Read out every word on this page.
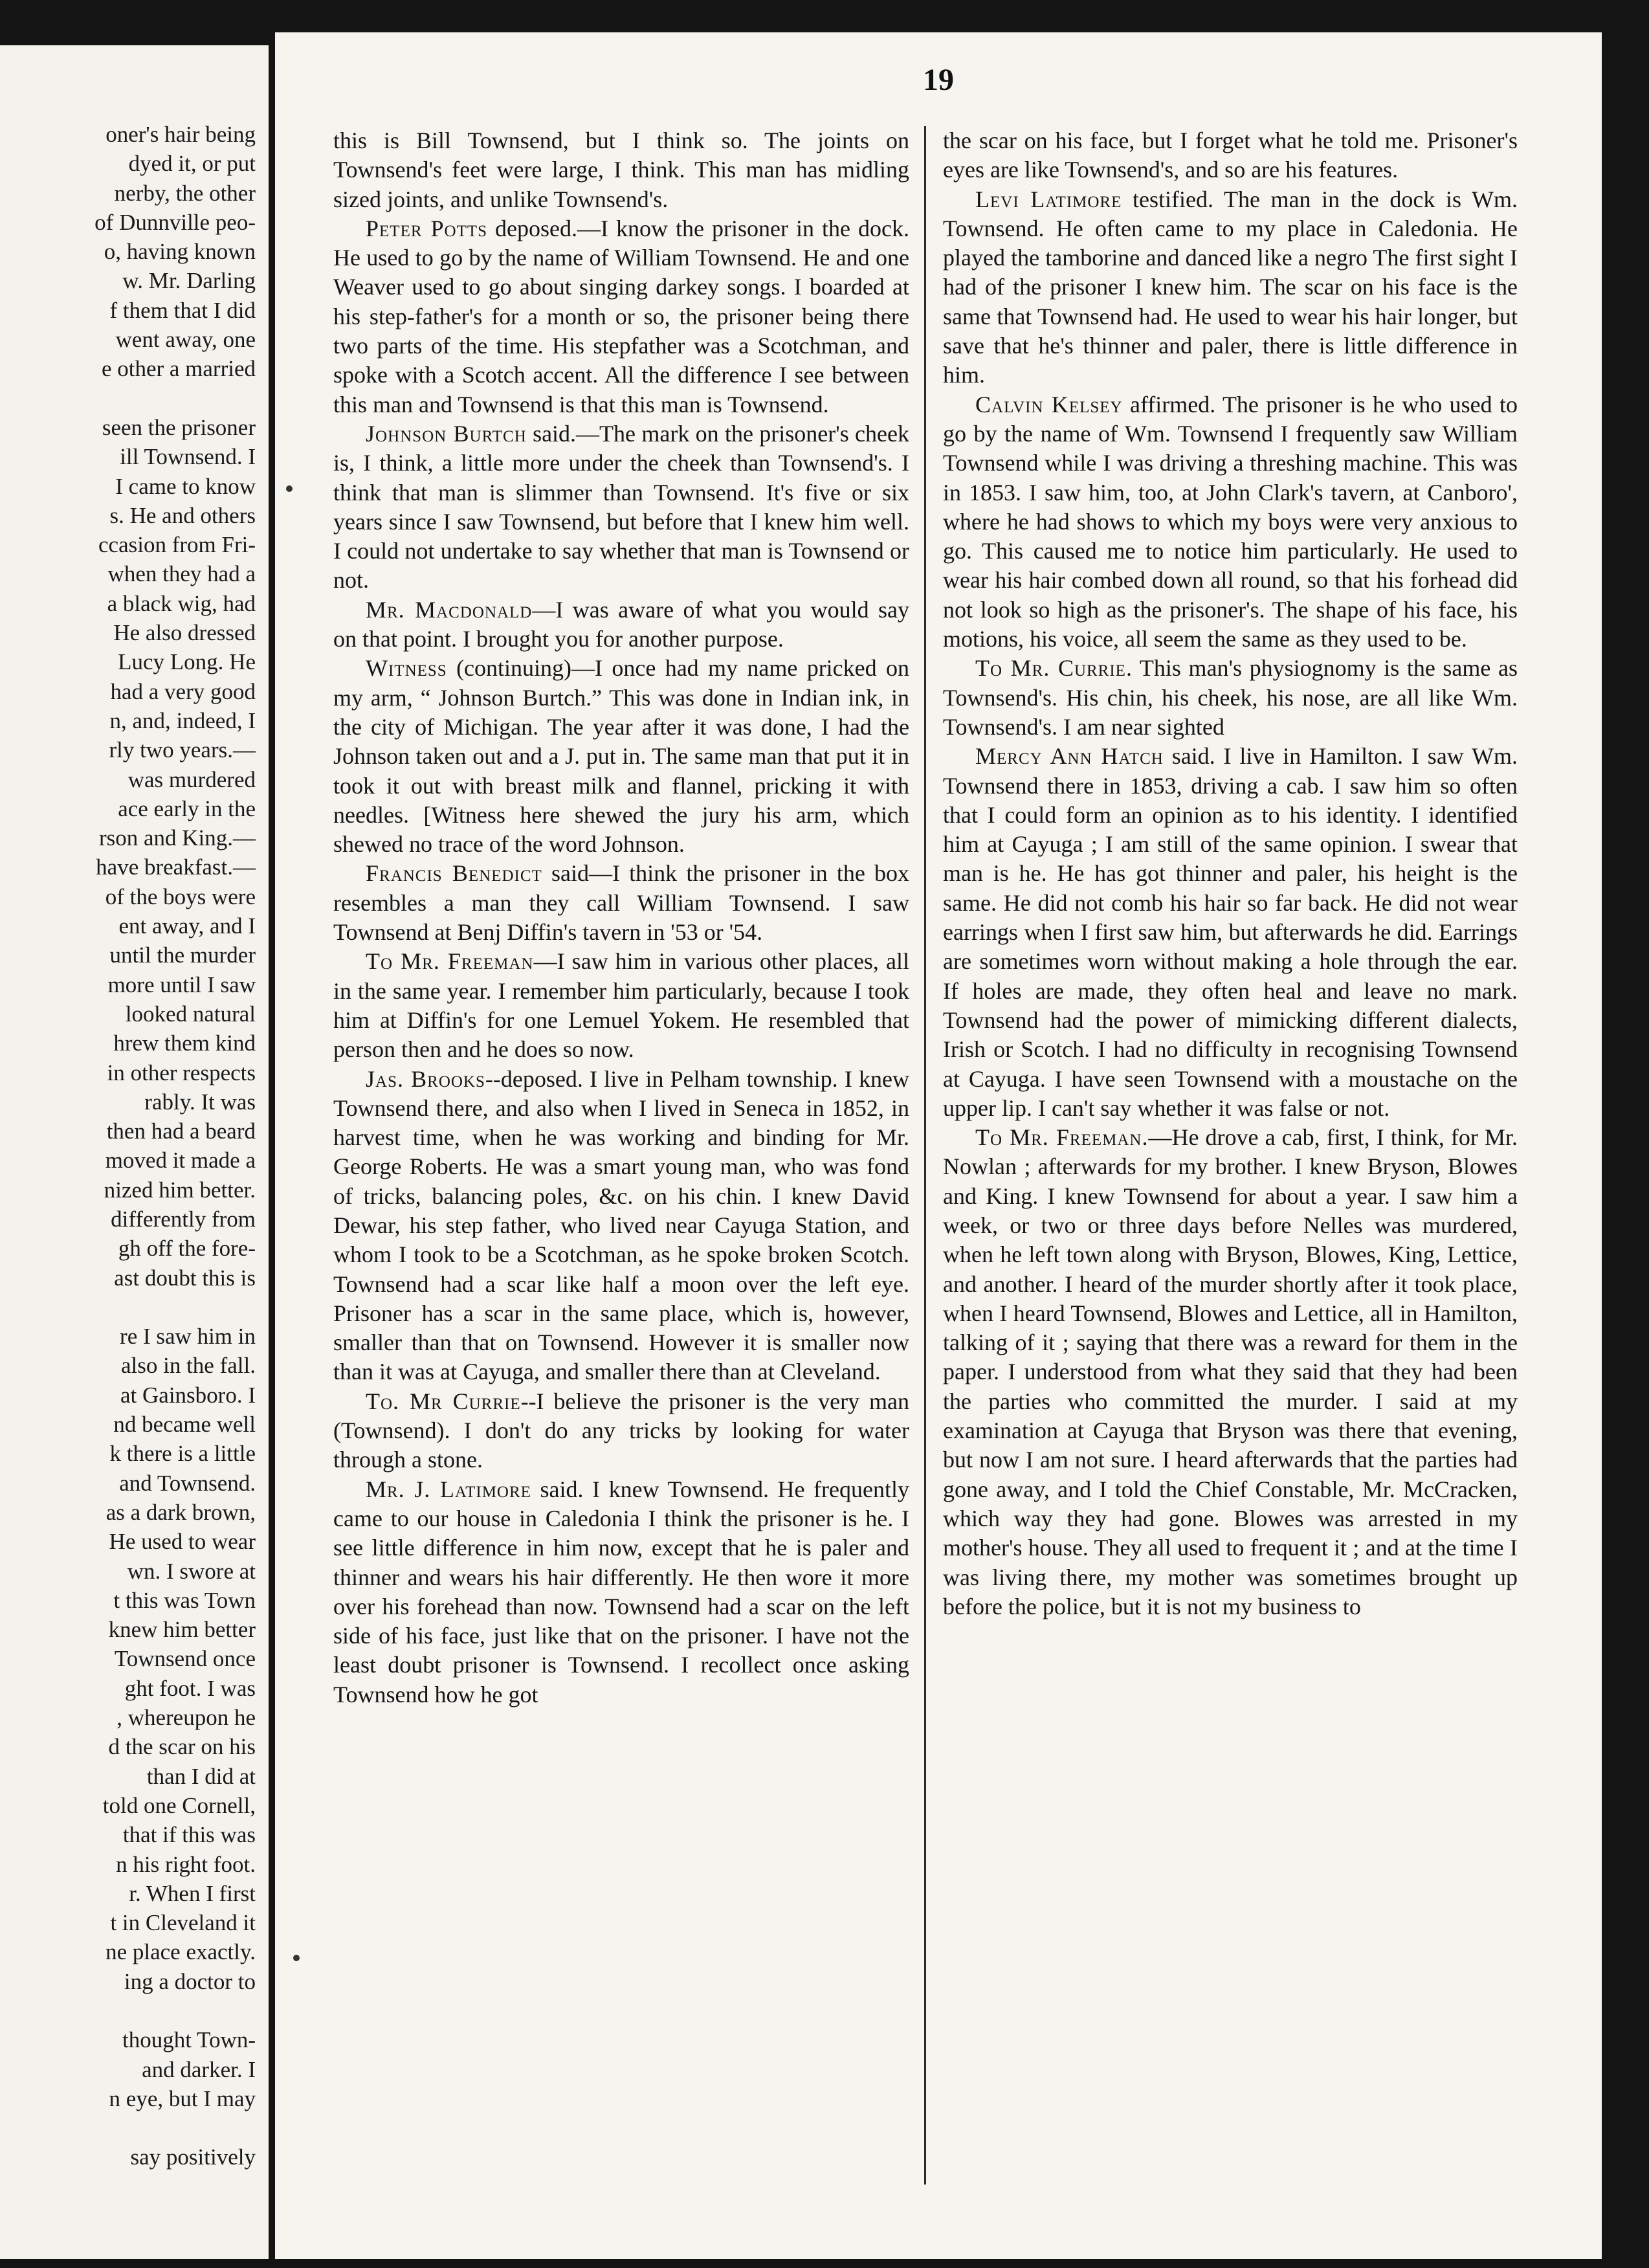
oner's hair being
dyed it, or put
nerby, the other
of Dunnville peo-
o, having known
w. Mr. Darling
f them that I did
went away, one
e other a married
seen the prisoner
ill Townsend. I
I came to know
s. He and others
ccasion from Fri-
when they had a
a black wig, had
He also dressed
Lucy Long. He
had a very good
n, and, indeed, I
rly two years.—
was murdered
ace early in the
rson and King.—
have breakfast.—
of the boys were
ent away, and I
until the murder
more until I saw
looked natural
hrew them kind
in other respects
rably. It was
then had a beard
moved it made a
nized him better.
differently from
gh off the fore-
ast doubt this is
re I saw him in
also in the fall.
at Gainsboro. I
nd became well
k there is a little
and Townsend.
as a dark brown,
He used to wear
wn. I swore at
t this was Town
knew him better
Townsend once
ght foot. I was
, whereupon he
d the scar on his
than I did at
told one Cornell,
that if this was
n his right foot.
r. When I first
t in Cleveland it
ne place exactly.
ing a doctor to
thought Town-
and darker. I
n eye, but I may
say positively
19

this is Bill Townsend, but I think so. The joints on Townsend's feet were large, I think. This man has midling sized joints, and unlike Townsend's.

Peter Potts deposed.—I know the prisoner in the dock. He used to go by the name of William Townsend. He and one Weaver used to go about singing darkey songs. I boarded at his step-father's for a month or so, the prisoner being there two parts of the time. His stepfather was a Scotchman, and spoke with a Scotch accent. All the difference I see between this man and Townsend is that this man is Townsend.

Johnson Burtch said.—The mark on the prisoner's cheek is, I think, a little more under the cheek than Townsend's. I think that man is slimmer than Townsend. It's five or six years since I saw Townsend, but before that I knew him well. I could not undertake to say whether that man is Townsend or not.

Mr. Macdonald—I was aware of what you would say on that point. I brought you for another purpose.

Witness (continuing)—I once had my name pricked on my arm, “ Johnson Burtch.” This was done in Indian ink, in the city of Michigan. The year after it was done, I had the Johnson taken out and a J. put in. The same man that put it in took it out with breast milk and flannel, pricking it with needles. [Witness here shewed the jury his arm, which shewed no trace of the word Johnson.

Francis Benedict said—I think the prisoner in the box resembles a man they call William Townsend. I saw Townsend at Benj Diffin's tavern in '53 or '54.

To Mr. Freeman—I saw him in various other places, all in the same year. I remember him particularly, because I took him at Diffin's for one Lemuel Yokem. He resembled that person then and he does so now.

Jas. Brooks--deposed. I live in Pelham township. I knew Townsend there, and also when I lived in Seneca in 1852, in harvest time, when he was working and binding for Mr. George Roberts. He was a smart young man, who was fond of tricks, balancing poles, &c. on his chin. I knew David Dewar, his step father, who lived near Cayuga Station, and whom I took to be a Scotchman, as he spoke broken Scotch. Townsend had a scar like half a moon over the left eye. Prisoner has a scar in the same place, which is, however, smaller than that on Townsend. However it is smaller now than it was at Cayuga, and smaller there than at Cleveland.

To. Mr Currie--I believe the prisoner is the very man (Townsend). I don't do any tricks by looking for water through a stone.

Mr. J. Latimore said. I knew Townsend. He frequently came to our house in Caledonia I think the prisoner is he. I see little difference in him now, except that he is paler and thinner and wears his hair differently. He then wore it more over his forehead than now. Townsend had a scar on the left side of his face, just like that on the prisoner. I have not the least doubt prisoner is Townsend. I recollect once asking Townsend how he got

the scar on his face, but I forget what he told me. Prisoner's eyes are like Townsend's, and so are his features.

Levi Latimore testified. The man in the dock is Wm. Townsend. He often came to my place in Caledonia. He played the tamborine and danced like a negro The first sight I had of the prisoner I knew him. The scar on his face is the same that Townsend had. He used to wear his hair longer, but save that he's thinner and paler, there is little difference in him.

Calvin Kelsey affirmed. The prisoner is he who used to go by the name of Wm. Townsend I frequently saw William Townsend while I was driving a threshing machine. This was in 1853. I saw him, too, at John Clark's tavern, at Canboro', where he had shows to which my boys were very anxious to go. This caused me to notice him particularly. He used to wear his hair combed down all round, so that his forhead did not look so high as the prisoner's. The shape of his face, his motions, his voice, all seem the same as they used to be.

To Mr. Currie. This man's physiognomy is the same as Townsend's. His chin, his cheek, his nose, are all like Wm. Townsend's. I am near sighted

Mercy Ann Hatch said. I live in Hamilton. I saw Wm. Townsend there in 1853, driving a cab. I saw him so often that I could form an opinion as to his identity. I identified him at Cayuga ; I am still of the same opinion. I swear that man is he. He has got thinner and paler, his height is the same. He did not comb his hair so far back. He did not wear earrings when I first saw him, but afterwards he did. Earrings are sometimes worn without making a hole through the ear. If holes are made, they often heal and leave no mark. Townsend had the power of mimicking different dialects, Irish or Scotch. I had no difficulty in recognising Townsend at Cayuga. I have seen Townsend with a moustache on the upper lip. I can't say whether it was false or not.

To Mr. Freeman.—He drove a cab, first, I think, for Mr. Nowlan ; afterwards for my brother. I knew Bryson, Blowes and King. I knew Townsend for about a year. I saw him a week, or two or three days before Nelles was murdered, when he left town along with Bryson, Blowes, King, Lettice, and another. I heard of the murder shortly after it took place, when I heard Townsend, Blowes and Lettice, all in Hamilton, talking of it ; saying that there was a reward for them in the paper. I understood from what they said that they had been the parties who committed the murder. I said at my examination at Cayuga that Bryson was there that evening, but now I am not sure. I heard afterwards that the parties had gone away, and I told the Chief Constable, Mr. McCracken, which way they had gone. Blowes was arrested in my mother's house. They all used to frequent it ; and at the time I was living there, my mother was sometimes brought up before the police, but it is not my business to
